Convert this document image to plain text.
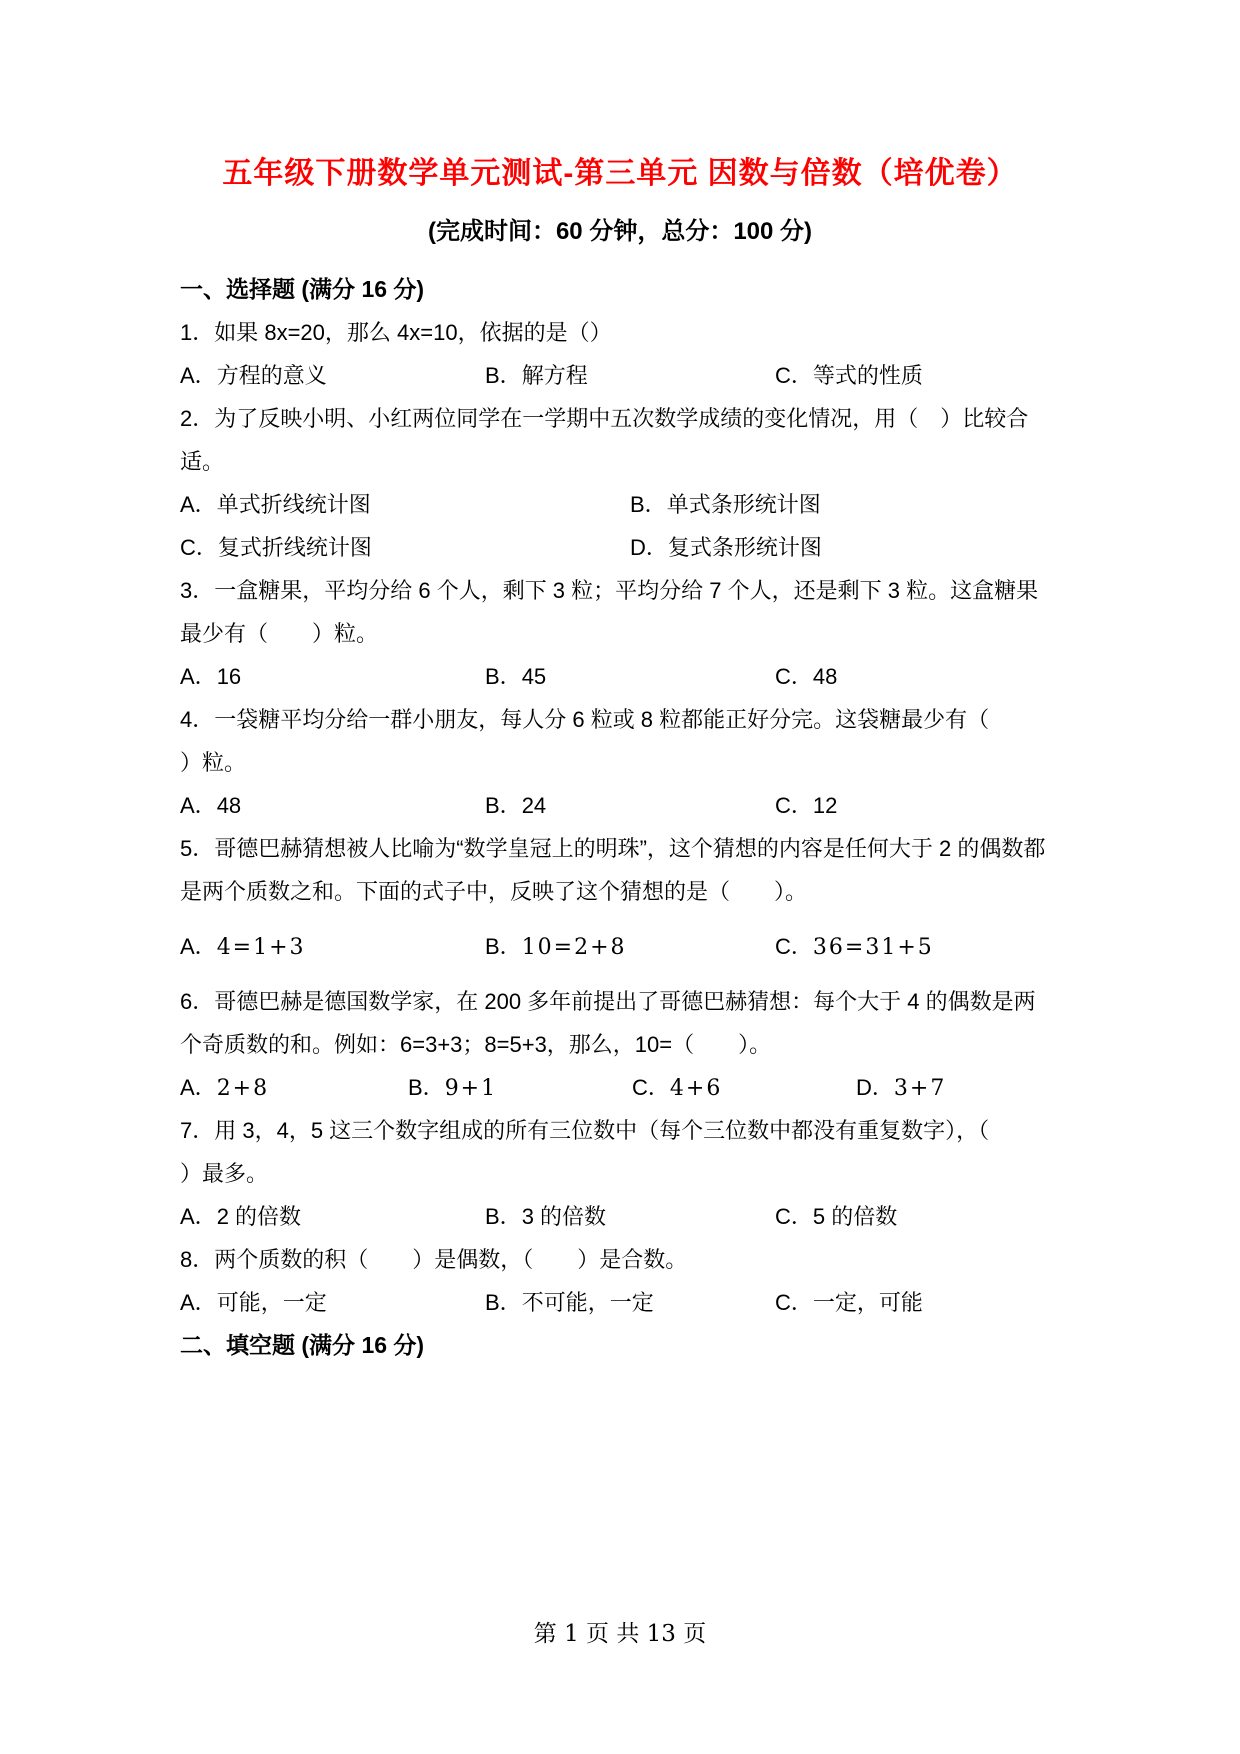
五年级下册数学单元测试-第三单元 因数与倍数（培优卷）
(完成时间：60 分钟，总分：100 分)
一、选择题 (满分 16 分)
1．如果 8x=20，那么 4x=10，依据的是（）
A．方程的意义	B．解方程	C．等式的性质
2．为了反映小明、小红两位同学在一学期中五次数学成绩的变化情况，用（　）比较合
适。
A．单式折线统计图	B．单式条形统计图
C．复式折线统计图	D．复式条形统计图
3．一盒糖果，平均分给 6 个人，剩下 3 粒；平均分给 7 个人，还是剩下 3 粒。这盒糖果
最少有（　　）粒。
A．16	B．45	C．48
4．一袋糖平均分给一群小朋友，每人分 6 粒或 8 粒都能正好分完。这袋糖最少有（
）粒。
A．48	B．24	C．12
5．哥德巴赫猜想被人比喻为“数学皇冠上的明珠”，这个猜想的内容是任何大于 2 的偶数都
是两个质数之和。下面的式子中，反映了这个猜想的是（　　）。
A．4=1+3	B．10=2+8	C．36=31+5
6．哥德巴赫是德国数学家，在 200 多年前提出了哥德巴赫猜想：每个大于 4 的偶数是两
个奇质数的和。例如：6=3+3；8=5+3，那么，10=（　　）。
A．2+8	B．9+1	C．4+6	D．3+7
7．用 3，4，5 这三个数字组成的所有三位数中（每个三位数中都没有重复数字），（
）最多。
A．2 的倍数	B．3 的倍数	C．5 的倍数
8．两个质数的积（　　）是偶数，（　　）是合数。
A．可能，一定	B．不可能，一定	C．一定，可能
二、填空题 (满分 16 分)
第 1 页 共 13 页
